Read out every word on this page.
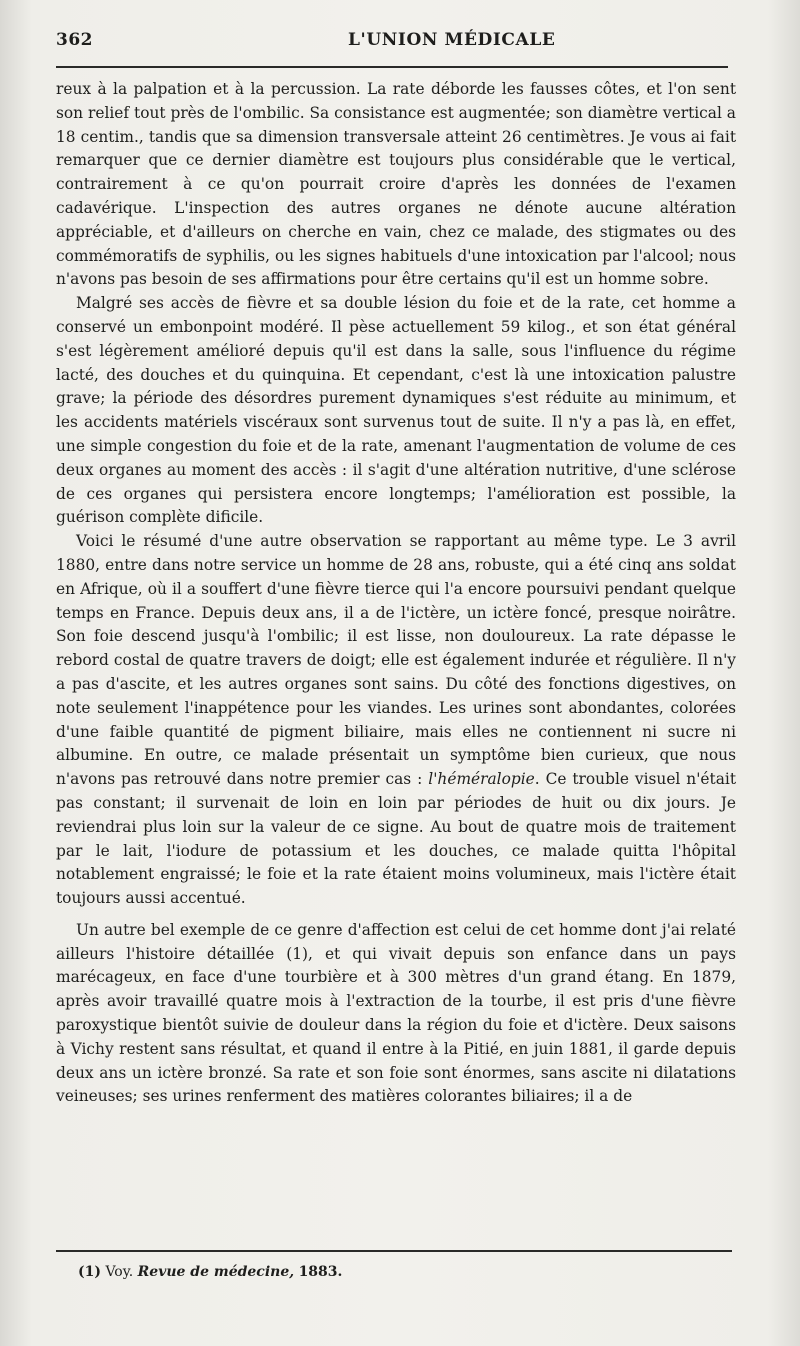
362	L'UNION MÉDICALE

reux à la palpation et à la percussion. La rate déborde les fausses côtes, et l'on sent son relief tout près de l'ombilic. Sa consistance est augmentée; son diamètre vertical a 18 centim., tandis que sa dimension transversale atteint 26 centimètres. Je vous ai fait remarquer que ce dernier diamètre est toujours plus considérable que le vertical, contrairement à ce qu'on pourrait croire d'après les données de l'examen cadavérique. L'inspection des autres organes ne dénote aucune altération appréciable, et d'ailleurs on cherche en vain, chez ce malade, des stigmates ou des commémoratifs de syphilis, ou les signes habituels d'une intoxication par l'alcool; nous n'avons pas besoin de ses affirmations pour être certains qu'il est un homme sobre.

Malgré ses accès de fièvre et sa double lésion du foie et de la rate, cet homme a conservé un embonpoint modéré. Il pèse actuellement 59 kilog., et son état général s'est légèrement amélioré depuis qu'il est dans la salle, sous l'influence du régime lacté, des douches et du quinquina. Et cependant, c'est là une intoxication palustre grave; la période des désordres purement dynamiques s'est réduite au minimum, et les accidents matériels viscéraux sont survenus tout de suite. Il n'y a pas là, en effet, une simple congestion du foie et de la rate, amenant l'augmentation de volume de ces deux organes au moment des accès : il s'agit d'une altération nutritive, d'une sclérose de ces organes qui persistera encore longtemps; l'amélioration est possible, la guérison complète dificile.

Voici le résumé d'une autre observation se rapportant au même type. Le 3 avril 1880, entre dans notre service un homme de 28 ans, robuste, qui a été cinq ans soldat en Afrique, où il a souffert d'une fièvre tierce qui l'a encore poursuivi pendant quelque temps en France. Depuis deux ans, il a de l'ictère, un ictère foncé, presque noirâtre. Son foie descend jusqu'à l'ombilic; il est lisse, non douloureux. La rate dépasse le rebord costal de quatre travers de doigt; elle est également indurée et régulière. Il n'y a pas d'ascite, et les autres organes sont sains. Du côté des fonctions digestives, on note seulement l'inappétence pour les viandes. Les urines sont abondantes, colorées d'une faible quantité de pigment biliaire, mais elles ne contiennent ni sucre ni albumine. En outre, ce malade présentait un symptôme bien curieux, que nous n'avons pas retrouvé dans notre premier cas : l'héméralopie. Ce trouble visuel n'était pas constant; il survenait de loin en loin par périodes de huit ou dix jours. Je reviendrai plus loin sur la valeur de ce signe. Au bout de quatre mois de traitement par le lait, l'iodure de potassium et les douches, ce malade quitta l'hôpital notablement engraissé; le foie et la rate étaient moins volumineux, mais l'ictère était toujours aussi accentué.

Un autre bel exemple de ce genre d'affection est celui de cet homme dont j'ai relaté ailleurs l'histoire détaillée (1), et qui vivait depuis son enfance dans un pays marécageux, en face d'une tourbière et à 300 mètres d'un grand étang. En 1879, après avoir travaillé quatre mois à l'extraction de la tourbe, il est pris d'une fièvre paroxystique bientôt suivie de douleur dans la région du foie et d'ictère. Deux saisons à Vichy restent sans résultat, et quand il entre à la Pitié, en juin 1881, il garde depuis deux ans un ictère bronzé. Sa rate et son foie sont énormes, sans ascite ni dilatations veineuses; ses urines renferment des matières colorantes biliaires; il a de

(1) Voy. Revue de médecine, 1883.
